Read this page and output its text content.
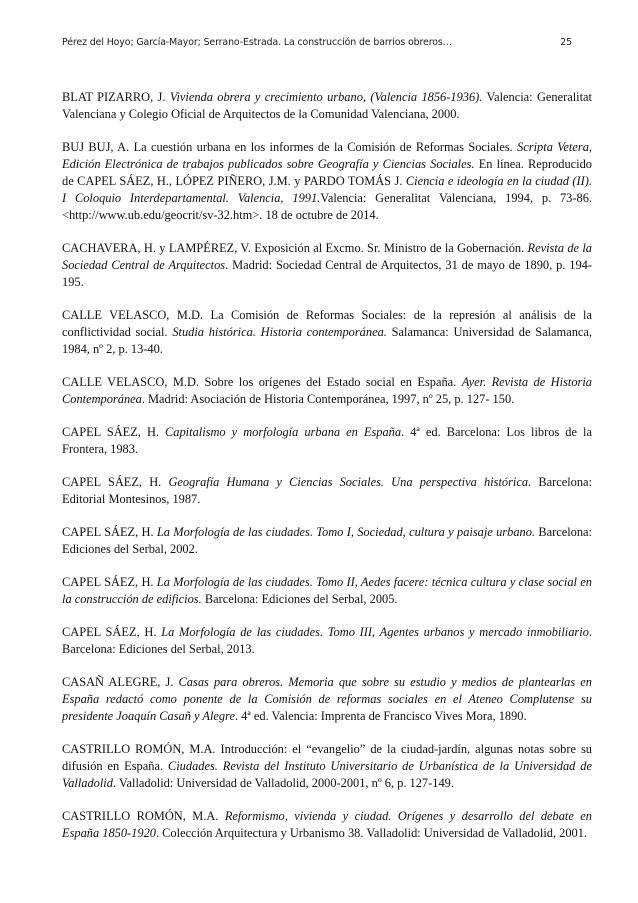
Pérez del Hoyo; García-Mayor; Serrano-Estrada. La construcción de barrios obreros…	25

BLAT PIZARRO, J. Vivienda obrera y crecimiento urbano, (Valencia 1856-1936). Valencia: Generalitat Valenciana y Colegio Oficial de Arquitectos de la Comunidad Valenciana, 2000.

BUJ BUJ, A. La cuestión urbana en los informes de la Comisión de Reformas Sociales. Scripta Vetera, Edición Electrónica de trabajos publicados sobre Geografía y Ciencias Sociales. En línea. Reproducido de CAPEL SÁEZ, H., LÓPEZ PIÑERO, J.M. y PARDO TOMÁS J. Ciencia e ideología en la ciudad (II). I Coloquio Interdepartamental. Valencia, 1991.Valencia: Generalitat Valenciana, 1994, p. 73-86. <http://www.ub.edu/geocrit/sv-32.htm>. 18 de octubre de 2014.

CACHAVERA, H. y LAMPÉREZ, V. Exposición al Excmo. Sr. Ministro de la Gobernación. Revista de la Sociedad Central de Arquitectos. Madrid: Sociedad Central de Arquitectos, 31 de mayo de 1890, p. 194-195.

CALLE VELASCO, M.D. La Comisión de Reformas Sociales: de la represión al análisis de la conflictividad social. Studia histórica. Historia contemporánea. Salamanca: Universidad de Salamanca, 1984, nº 2, p. 13-40.

CALLE VELASCO, M.D. Sobre los orígenes del Estado social en España. Ayer. Revista de Historia Contemporánea. Madrid: Asociación de Historia Contemporánea, 1997, nº 25, p. 127- 150.

CAPEL SÁEZ, H. Capitalismo y morfología urbana en España. 4ª ed. Barcelona: Los libros de la Frontera, 1983.

CAPEL SÁEZ, H. Geografía Humana y Ciencias Sociales. Una perspectiva histórica. Barcelona: Editorial Montesinos, 1987.

CAPEL SÁEZ, H. La Morfología de las ciudades. Tomo I, Sociedad, cultura y paisaje urbano. Barcelona: Ediciones del Serbal, 2002.

CAPEL SÁEZ, H. La Morfología de las ciudades. Tomo II, Aedes facere: técnica cultura y clase social en la construcción de edificios. Barcelona: Ediciones del Serbal, 2005.

CAPEL SÁEZ, H. La Morfología de las ciudades. Tomo III, Agentes urbanos y mercado inmobiliario. Barcelona: Ediciones del Serbal, 2013.

CASAÑ ALEGRE, J. Casas para obreros. Memoria que sobre su estudio y medios de plantearlas en España redactó como ponente de la Comisión de reformas sociales en el Ateneo Complutense su presidente Joaquín Casañ y Alegre. 4ª ed. Valencia: Imprenta de Francisco Vives Mora, 1890.

CASTRILLO ROMÓN, M.A. Introducción: el “evangelio” de la ciudad-jardín, algunas notas sobre su difusión en España. Ciudades. Revista del Instituto Universitario de Urbanística de la Universidad de Valladolid. Valladolid: Universidad de Valladolid, 2000-2001, nº 6, p. 127-149.

CASTRILLO ROMÓN, M.A. Reformismo, vivienda y ciudad. Orígenes y desarrollo del debate en España 1850-1920. Colección Arquitectura y Urbanismo 38. Valladolid: Universidad de Valladolid, 2001.
